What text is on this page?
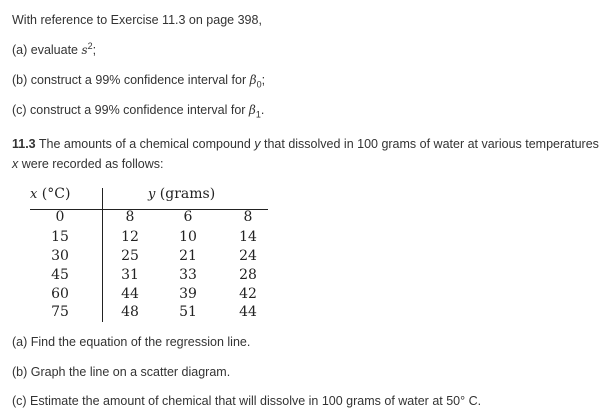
With reference to Exercise 11.3 on page 398,
(a) evaluate $s^2$;
(b) construct a 99% confidence interval for $\beta_0$;
(c) construct a 99% confidence interval for $\beta_1$.
11.3 The amounts of a chemical compound y that dissolved in 100 grams of water at various temperatures x were recorded as follows:
x (°C)	y (grams)
0	8	6	8
15	12	10	14
30	25	21	24
45	31	33	28
60	44	39	42
75	48	51	44
(a) Find the equation of the regression line.
(b) Graph the line on a scatter diagram.
(c) Estimate the amount of chemical that will dissolve in 100 grams of water at 50° C.
